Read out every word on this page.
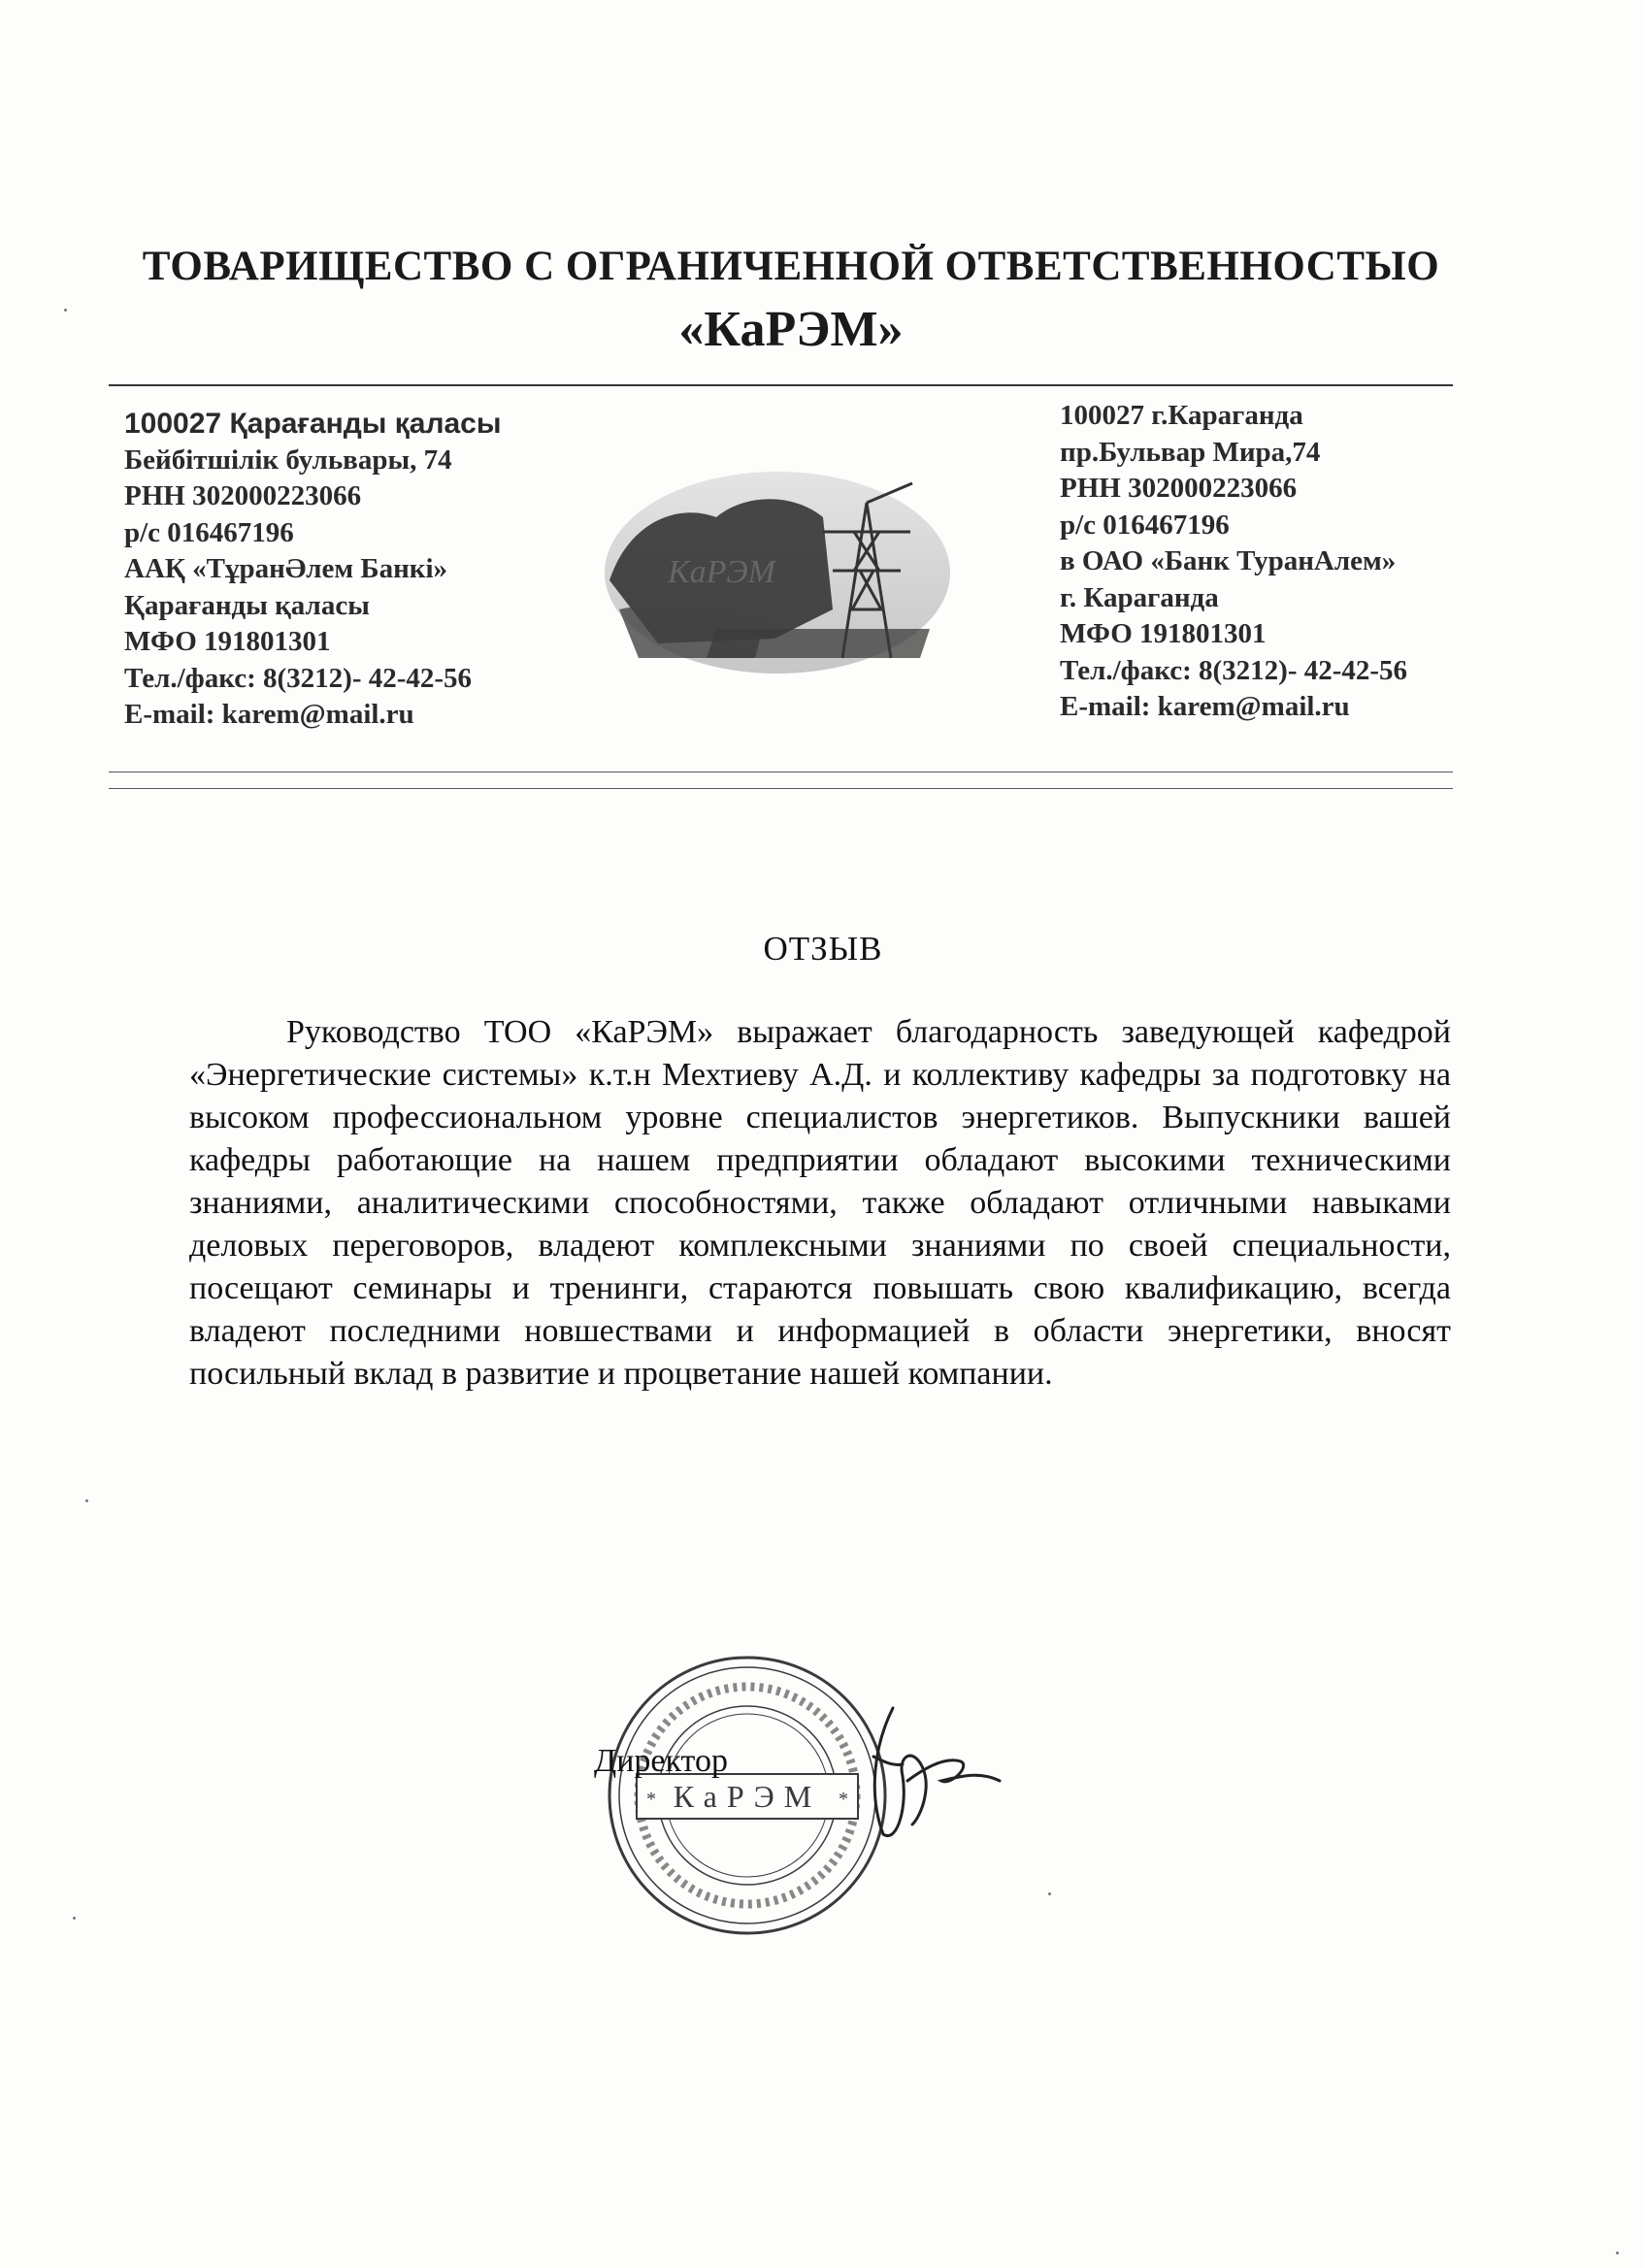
ТОВАРИЩЕСТВО С ОГРАНИЧЕННОЙ ОТВЕТСТВЕННОСТЫО
«КаРЭМ»
100027 Қарағанды қаласы
Бейбітшілік бульвары, 74
РНН 302000223066
р/с 016467196
ААҚ «ТұранӘлем Банкі»
Қарағанды қаласы
МФО 191801301
Тел./факс: 8(3212)- 42-42-56
E-mail: karem@mail.ru
КаРЭМ
100027 г.Караганда
пр.Бульвар Мира,74
РНН 302000223066
р/с 016467196
в ОАО «Банк ТуранАлем»
г. Караганда
МФО 191801301
Тел./факс: 8(3212)- 42-42-56
E-mail: karem@mail.ru
ОТЗЫВ
Руководство ТОО «КаРЭМ» выражает благодарность заведующей кафедрой «Энергетические системы» к.т.н Мехтиеву А.Д. и коллективу кафедры за подготовку на высоком профессиональном уровне специалистов энергетиков. Выпускники вашей кафедры работающие на нашем предприятии обладают высокими техническими знаниями, аналитическими способностями, также обладают отличными навыками деловых переговоров, владеют комплексными знаниями по своей специальности, посещают семинары и тренинги, стараются повышать свою квалификацию, всегда владеют последними новшествами и информацией в области энергетики, вносят посильный вклад в развитие и процветание нашей компании.
КаРЭМ
*	*
Директор
